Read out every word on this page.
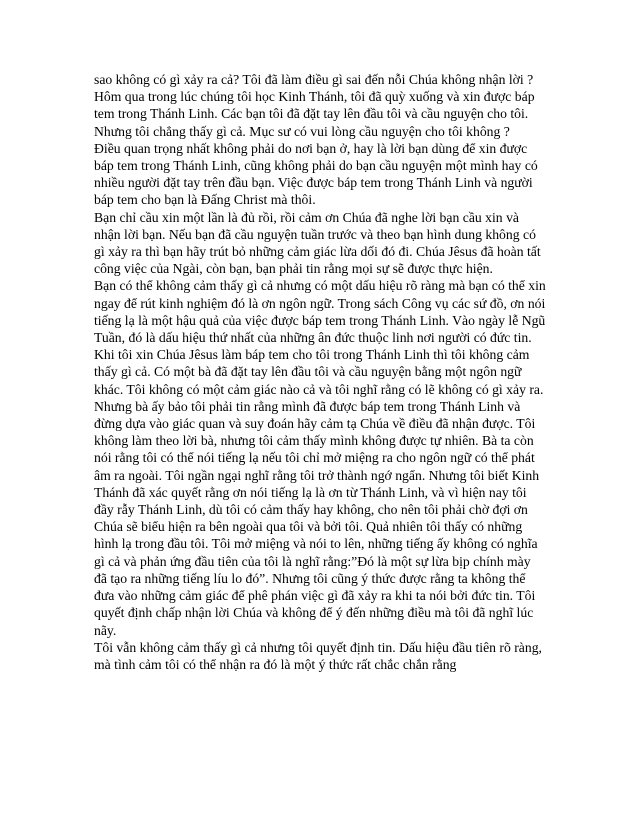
sao không có gì xảy ra cả? Tôi đã làm điều gì sai đến nỗi Chúa không nhận lời ?

Hôm qua trong lúc chúng tôi học Kinh Thánh, tôi đã quỳ xuống và xin được báp tem trong Thánh Linh. Các bạn tôi đã đặt tay lên đầu tôi và cầu nguyện cho tôi. Nhưng tôi chẳng thấy gì cả. Mục sư có vui lòng cầu nguyện cho tôi không ?

Điều quan trọng nhất không phải do nơi bạn ở, hay là lời bạn dùng để xin được báp tem trong Thánh Linh, cũng không phải do bạn cầu nguyện một mình hay có nhiều người đặt tay trên đầu bạn. Việc được báp tem trong Thánh Linh và người báp tem cho bạn là Đấng Christ mà thôi.

Bạn chỉ cầu xin một lần là đủ rồi, rồi cảm ơn Chúa đã nghe lời bạn cầu xin và nhận lời bạn. Nếu bạn đã cầu nguyện tuần trước và theo bạn hình dung không có gì xảy ra thì bạn hãy trút bỏ những cảm giác lừa dối đó đi. Chúa Jêsus đã hoàn tất công việc của Ngài, còn bạn, bạn phải tin rằng mọi sự sẽ được thực hiện.

Bạn có thể không cảm thấy gì cả nhưng có một dấu hiệu rõ ràng mà bạn có thể xin ngay để rút kinh nghiệm đó là ơn ngôn ngữ. Trong sách Công vụ các sứ đồ, ơn nói tiếng lạ là một hậu quả của việc được báp tem trong Thánh Linh. Vào ngày lễ Ngũ Tuần, đó là dấu hiệu thứ nhất của những ân đức thuộc linh nơi người có đức tin.

Khi tôi xin Chúa Jêsus làm báp tem cho tôi trong Thánh Linh thì tôi không cảm thấy gì cả. Có một bà đã đặt tay lên đầu tôi và cầu nguyện bằng một ngôn ngữ khác. Tôi không có một cảm giác nào cả và tôi nghĩ rằng có lẽ không có gì xảy ra. Nhưng bà ấy bảo tôi phải tin rằng mình đã được báp tem trong Thánh Linh và đừng dựa vào giác quan và suy đoán hãy cảm tạ Chúa về điều đã nhận được. Tôi không làm theo lời bà, nhưng tôi cảm thấy mình không được tự nhiên. Bà ta còn nói rằng tôi có thể nói tiếng lạ nếu tôi chỉ mở miệng ra cho ngôn ngữ có thể phát âm ra ngoài. Tôi ngần ngại nghĩ rằng tôi trở thành ngớ ngẩn. Nhưng tôi biết Kinh Thánh đã xác quyết rằng ơn nói tiếng lạ là ơn từ Thánh Linh, và vì hiện nay tôi đầy rẫy Thánh Linh, dù tôi có cảm thấy hay không, cho nên tôi phải chờ đợi ơn Chúa sẽ biểu hiện ra bên ngoài qua tôi và bởi tôi. Quả nhiên tôi thấy có những hình lạ trong đầu tôi. Tôi mở miệng và nói to lên, những tiếng ấy không có nghĩa gì cả và phản ứng đầu tiên của tôi là nghĩ rằng:”Đó là một sự lừa bịp chính mày đã tạo ra những tiếng líu lo đó”. Nhưng tôi cũng ý thức được rằng ta không thể đưa vào những cảm giác để phê phán việc gì đã xảy ra khi ta nói bởi đức tin. Tôi quyết định chấp nhận lời Chúa và không để ý đến những điều mà tôi đã nghĩ lúc nãy.

Tôi vẫn không cảm thấy gì cả nhưng tôi quyết định tin. Dấu hiệu đầu tiên rõ ràng, mà tình cảm tôi có thể nhận ra đó là một ý thức rất chắc chắn rằng
